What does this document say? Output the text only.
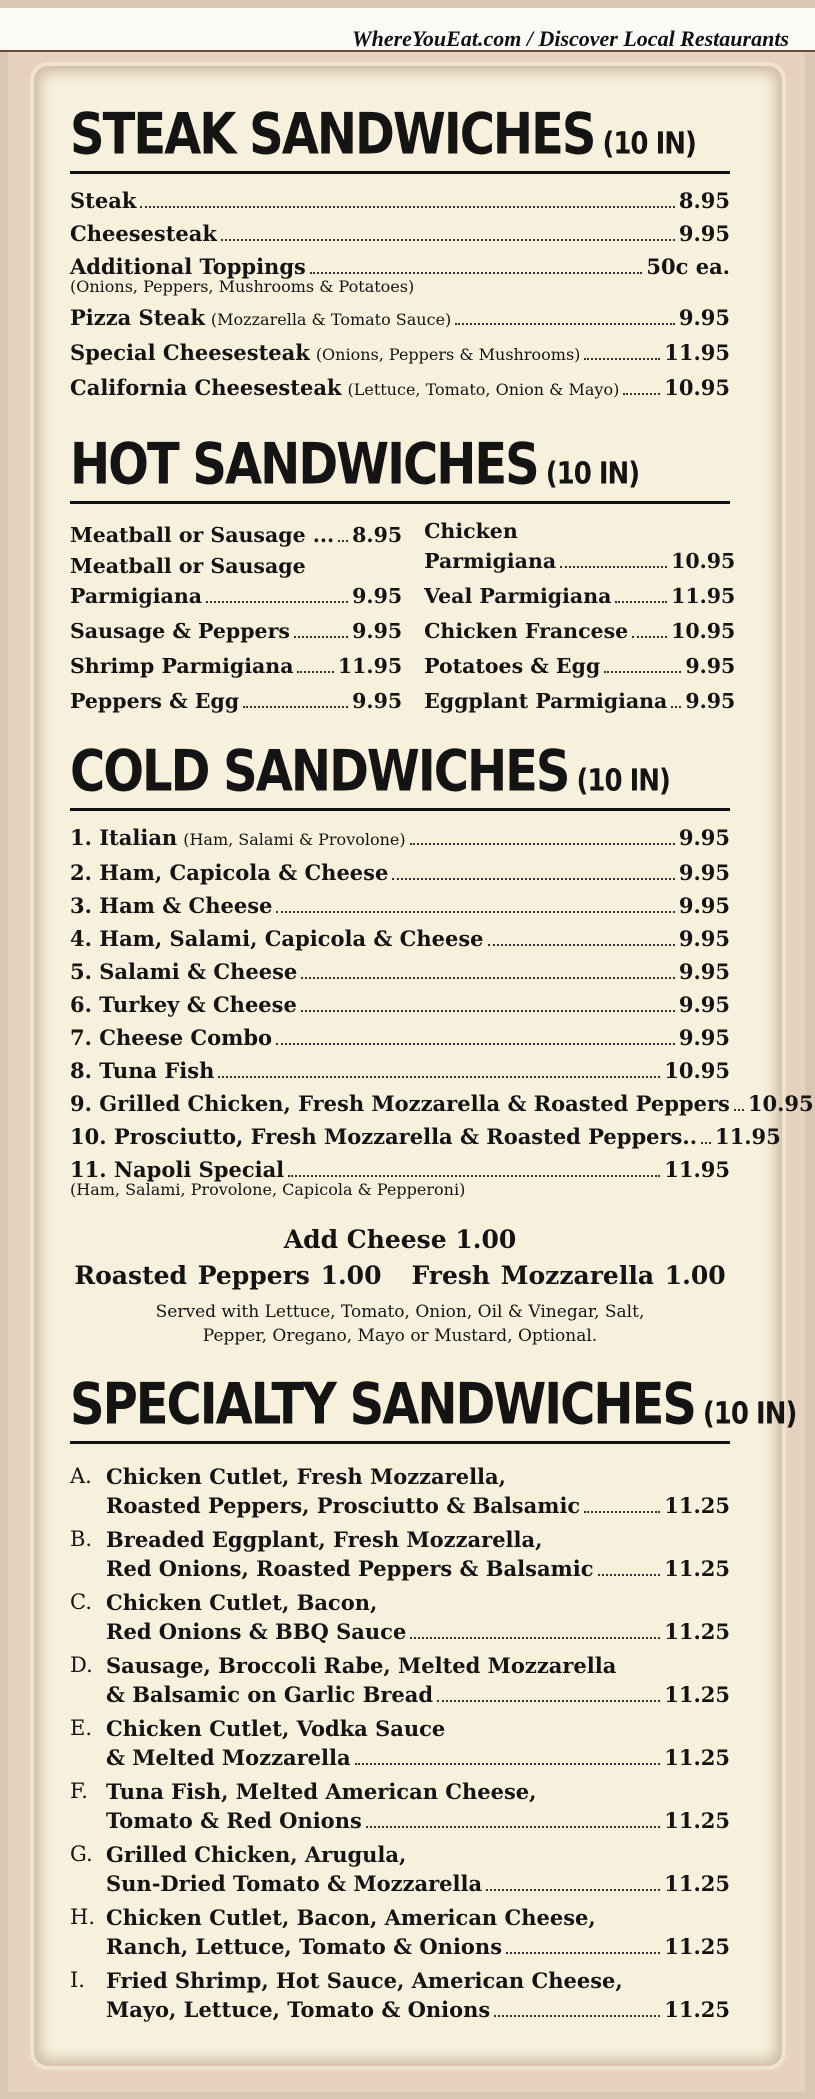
WhereYouEat.com / Discover Local Restaurants
STEAK SANDWICHES (10 IN)
Steak	8.95
Cheesesteak	9.95
Additional Toppings	50c ea.
(Onions, Peppers, Mushrooms & Potatoes)
Pizza Steak (Mozzarella & Tomato Sauce)	9.95
Special Cheesesteak (Onions, Peppers & Mushrooms)	11.95
California Cheesesteak (Lettuce, Tomato, Onion & Mayo) 10.95
HOT SANDWICHES (10 IN)
Meatball or Sausage ... 8.95
Meatball or Sausage
Parmigiana	9.95
Sausage & Peppers	9.95
Shrimp Parmigiana 11.95
Peppers & Egg	9.95
Chicken
Parmigiana	10.95
Veal Parmigiana	11.95
Chicken Francese 10.95
Potatoes & Egg	9.95
Eggplant Parmigiana 9.95
COLD SANDWICHES (10 IN)
1. Italian (Ham, Salami & Provolone)	9.95
2. Ham, Capicola & Cheese	9.95
3. Ham & Cheese	9.95
4. Ham, Salami, Capicola & Cheese	9.95
5. Salami & Cheese	9.95
6. Turkey & Cheese	9.95
7. Cheese Combo	9.95
8. Tuna Fish	10.95
9. Grilled Chicken, Fresh Mozzarella & Roasted Peppers 10.95
10. Prosciutto, Fresh Mozzarella & Roasted Peppers.. 11.95
11. Napoli Special	11.95
(Ham, Salami, Provolone, Capicola & Pepperoni)
Add Cheese 1.00
Roasted Peppers 1.00 Fresh Mozzarella 1.00
Served with Lettuce, Tomato, Onion, Oil & Vinegar, Salt,
Pepper, Oregano, Mayo or Mustard, Optional.
SPECIALTY SANDWICHES (10 IN)
A. Chicken Cutlet, Fresh Mozzarella,
Roasted Peppers, Prosciutto & Balsamic	11.25
B. Breaded Eggplant, Fresh Mozzarella,
Red Onions, Roasted Peppers & Balsamic	11.25
C. Chicken Cutlet, Bacon,
Red Onions & BBQ Sauce	11.25
D. Sausage, Broccoli Rabe, Melted Mozzarella
& Balsamic on Garlic Bread	11.25
E. Chicken Cutlet, Vodka Sauce
& Melted Mozzarella	11.25
F. Tuna Fish, Melted American Cheese,
Tomato & Red Onions	11.25
G. Grilled Chicken, Arugula,
Sun-Dried Tomato & Mozzarella	11.25
H. Chicken Cutlet, Bacon, American Cheese,
Ranch, Lettuce, Tomato & Onions	11.25
I.	Fried Shrimp, Hot Sauce, American Cheese,
Mayo, Lettuce, Tomato & Onions	11.25
